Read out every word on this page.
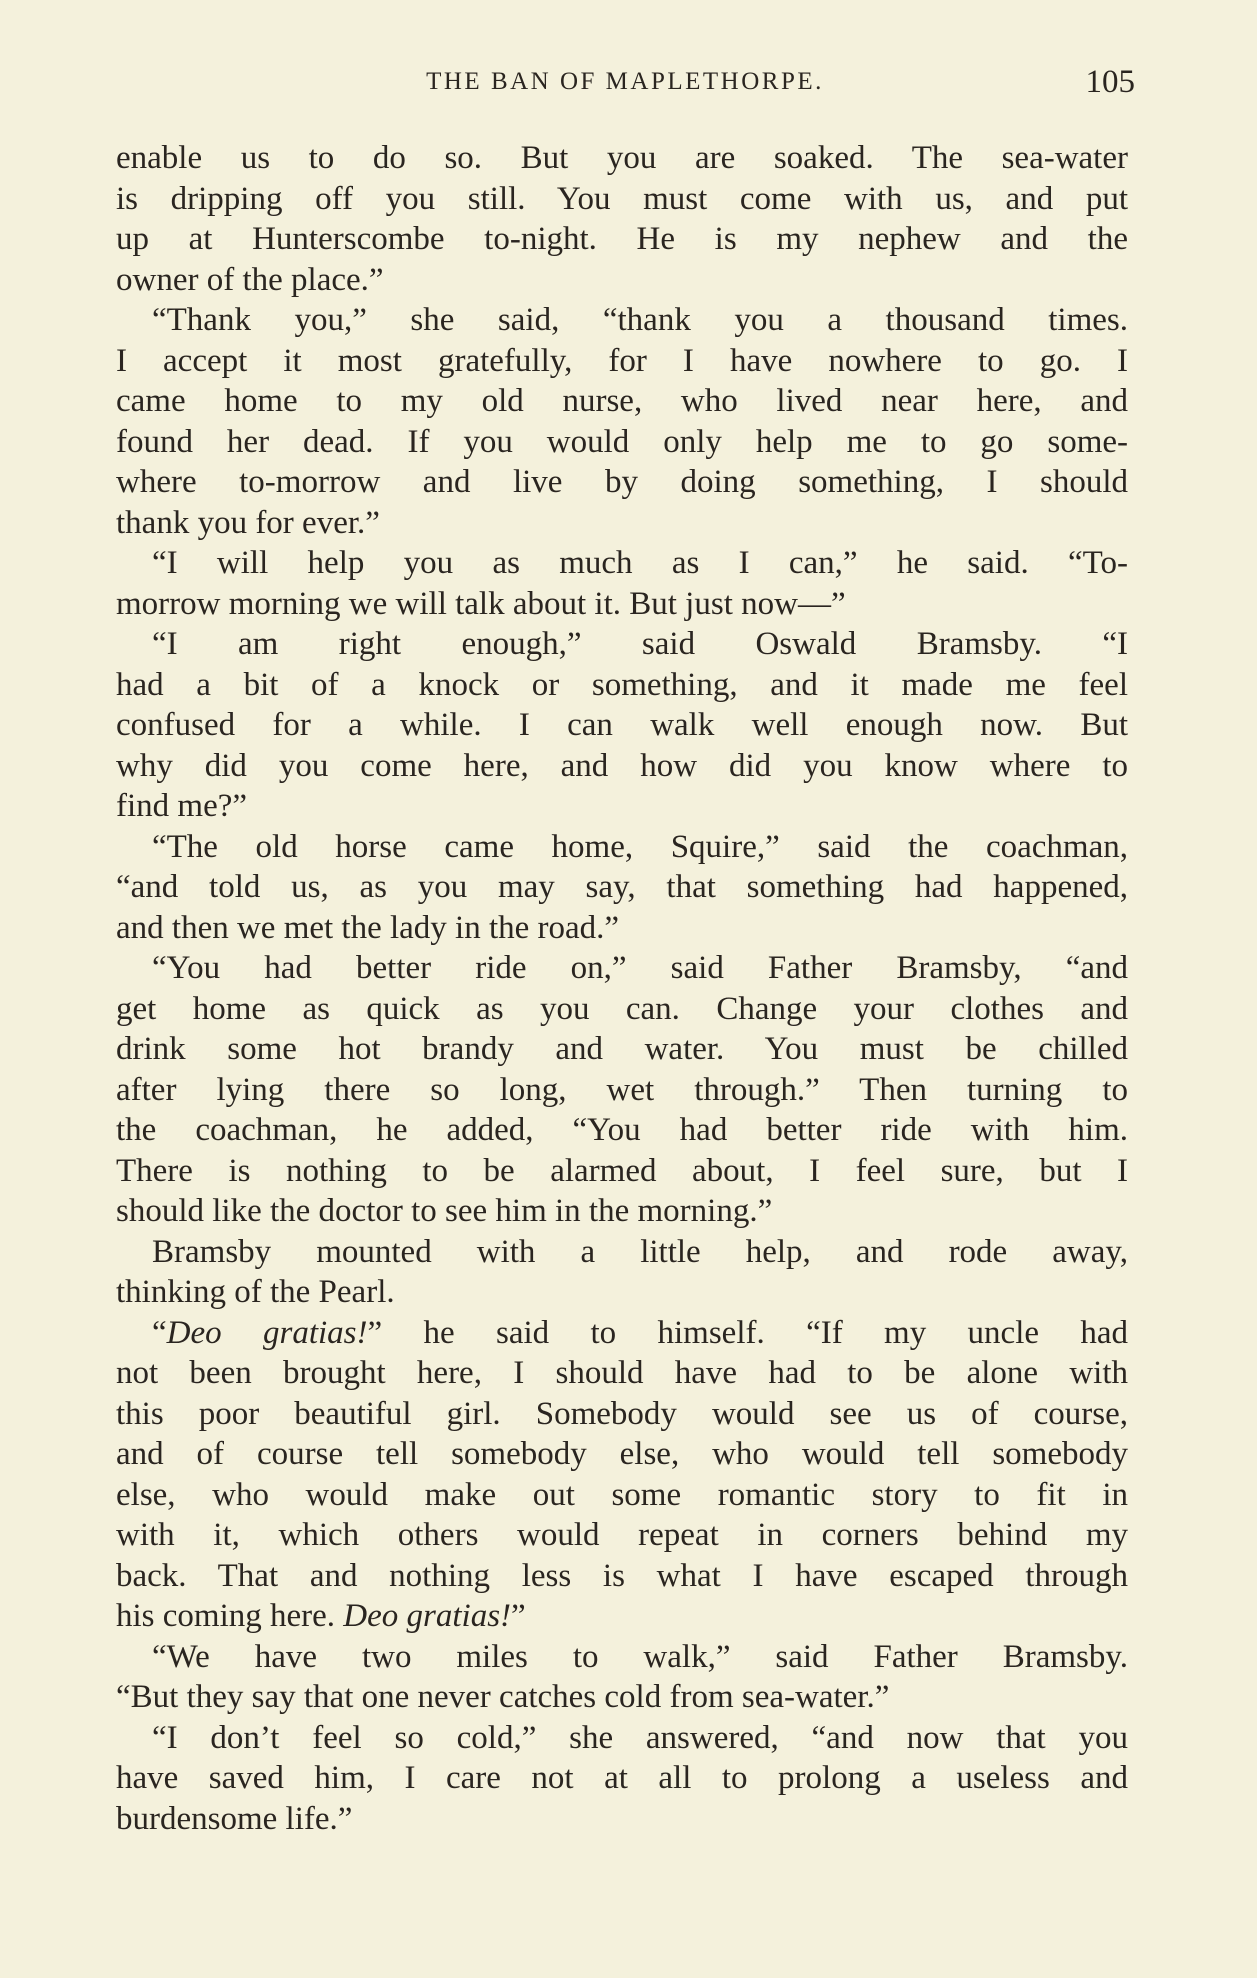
THE BAN OF MAPLETHORPE.	105
enable us to do so. But you are soaked. The sea-water
is dripping off you still. You must come with us, and put
up at Hunterscombe to-night. He is my nephew and the
owner of the place.”
“Thank you,” she said, “thank you a thousand times.
I accept it most gratefully, for I have nowhere to go. I
came home to my old nurse, who lived near here, and
found her dead. If you would only help me to go some-
where to-morrow and live by doing something, I should
thank you for ever.”
“I will help you as much as I can,” he said. “To-
morrow morning we will talk about it. But just now—”
“I am right enough,” said Oswald Bramsby. “I
had a bit of a knock or something, and it made me feel
confused for a while. I can walk well enough now. But
why did you come here, and how did you know where to
find me?”
“The old horse came home, Squire,” said the coachman,
“and told us, as you may say, that something had happened,
and then we met the lady in the road.”
“You had better ride on,” said Father Bramsby, “and
get home as quick as you can. Change your clothes and
drink some hot brandy and water. You must be chilled
after lying there so long, wet through.” Then turning to
the coachman, he added, “You had better ride with him.
There is nothing to be alarmed about, I feel sure, but I
should like the doctor to see him in the morning.”
Bramsby mounted with a little help, and rode away,
thinking of the Pearl.
“Deo gratias!” he said to himself. “If my uncle had
not been brought here, I should have had to be alone with
this poor beautiful girl. Somebody would see us of course,
and of course tell somebody else, who would tell somebody
else, who would make out some romantic story to fit in
with it, which others would repeat in corners behind my
back. That and nothing less is what I have escaped through
his coming here. Deo gratias!”
“We have two miles to walk,” said Father Bramsby.
“But they say that one never catches cold from sea-water.”
“I don’t feel so cold,” she answered, “and now that you
have saved him, I care not at all to prolong a useless and
burdensome life.”
